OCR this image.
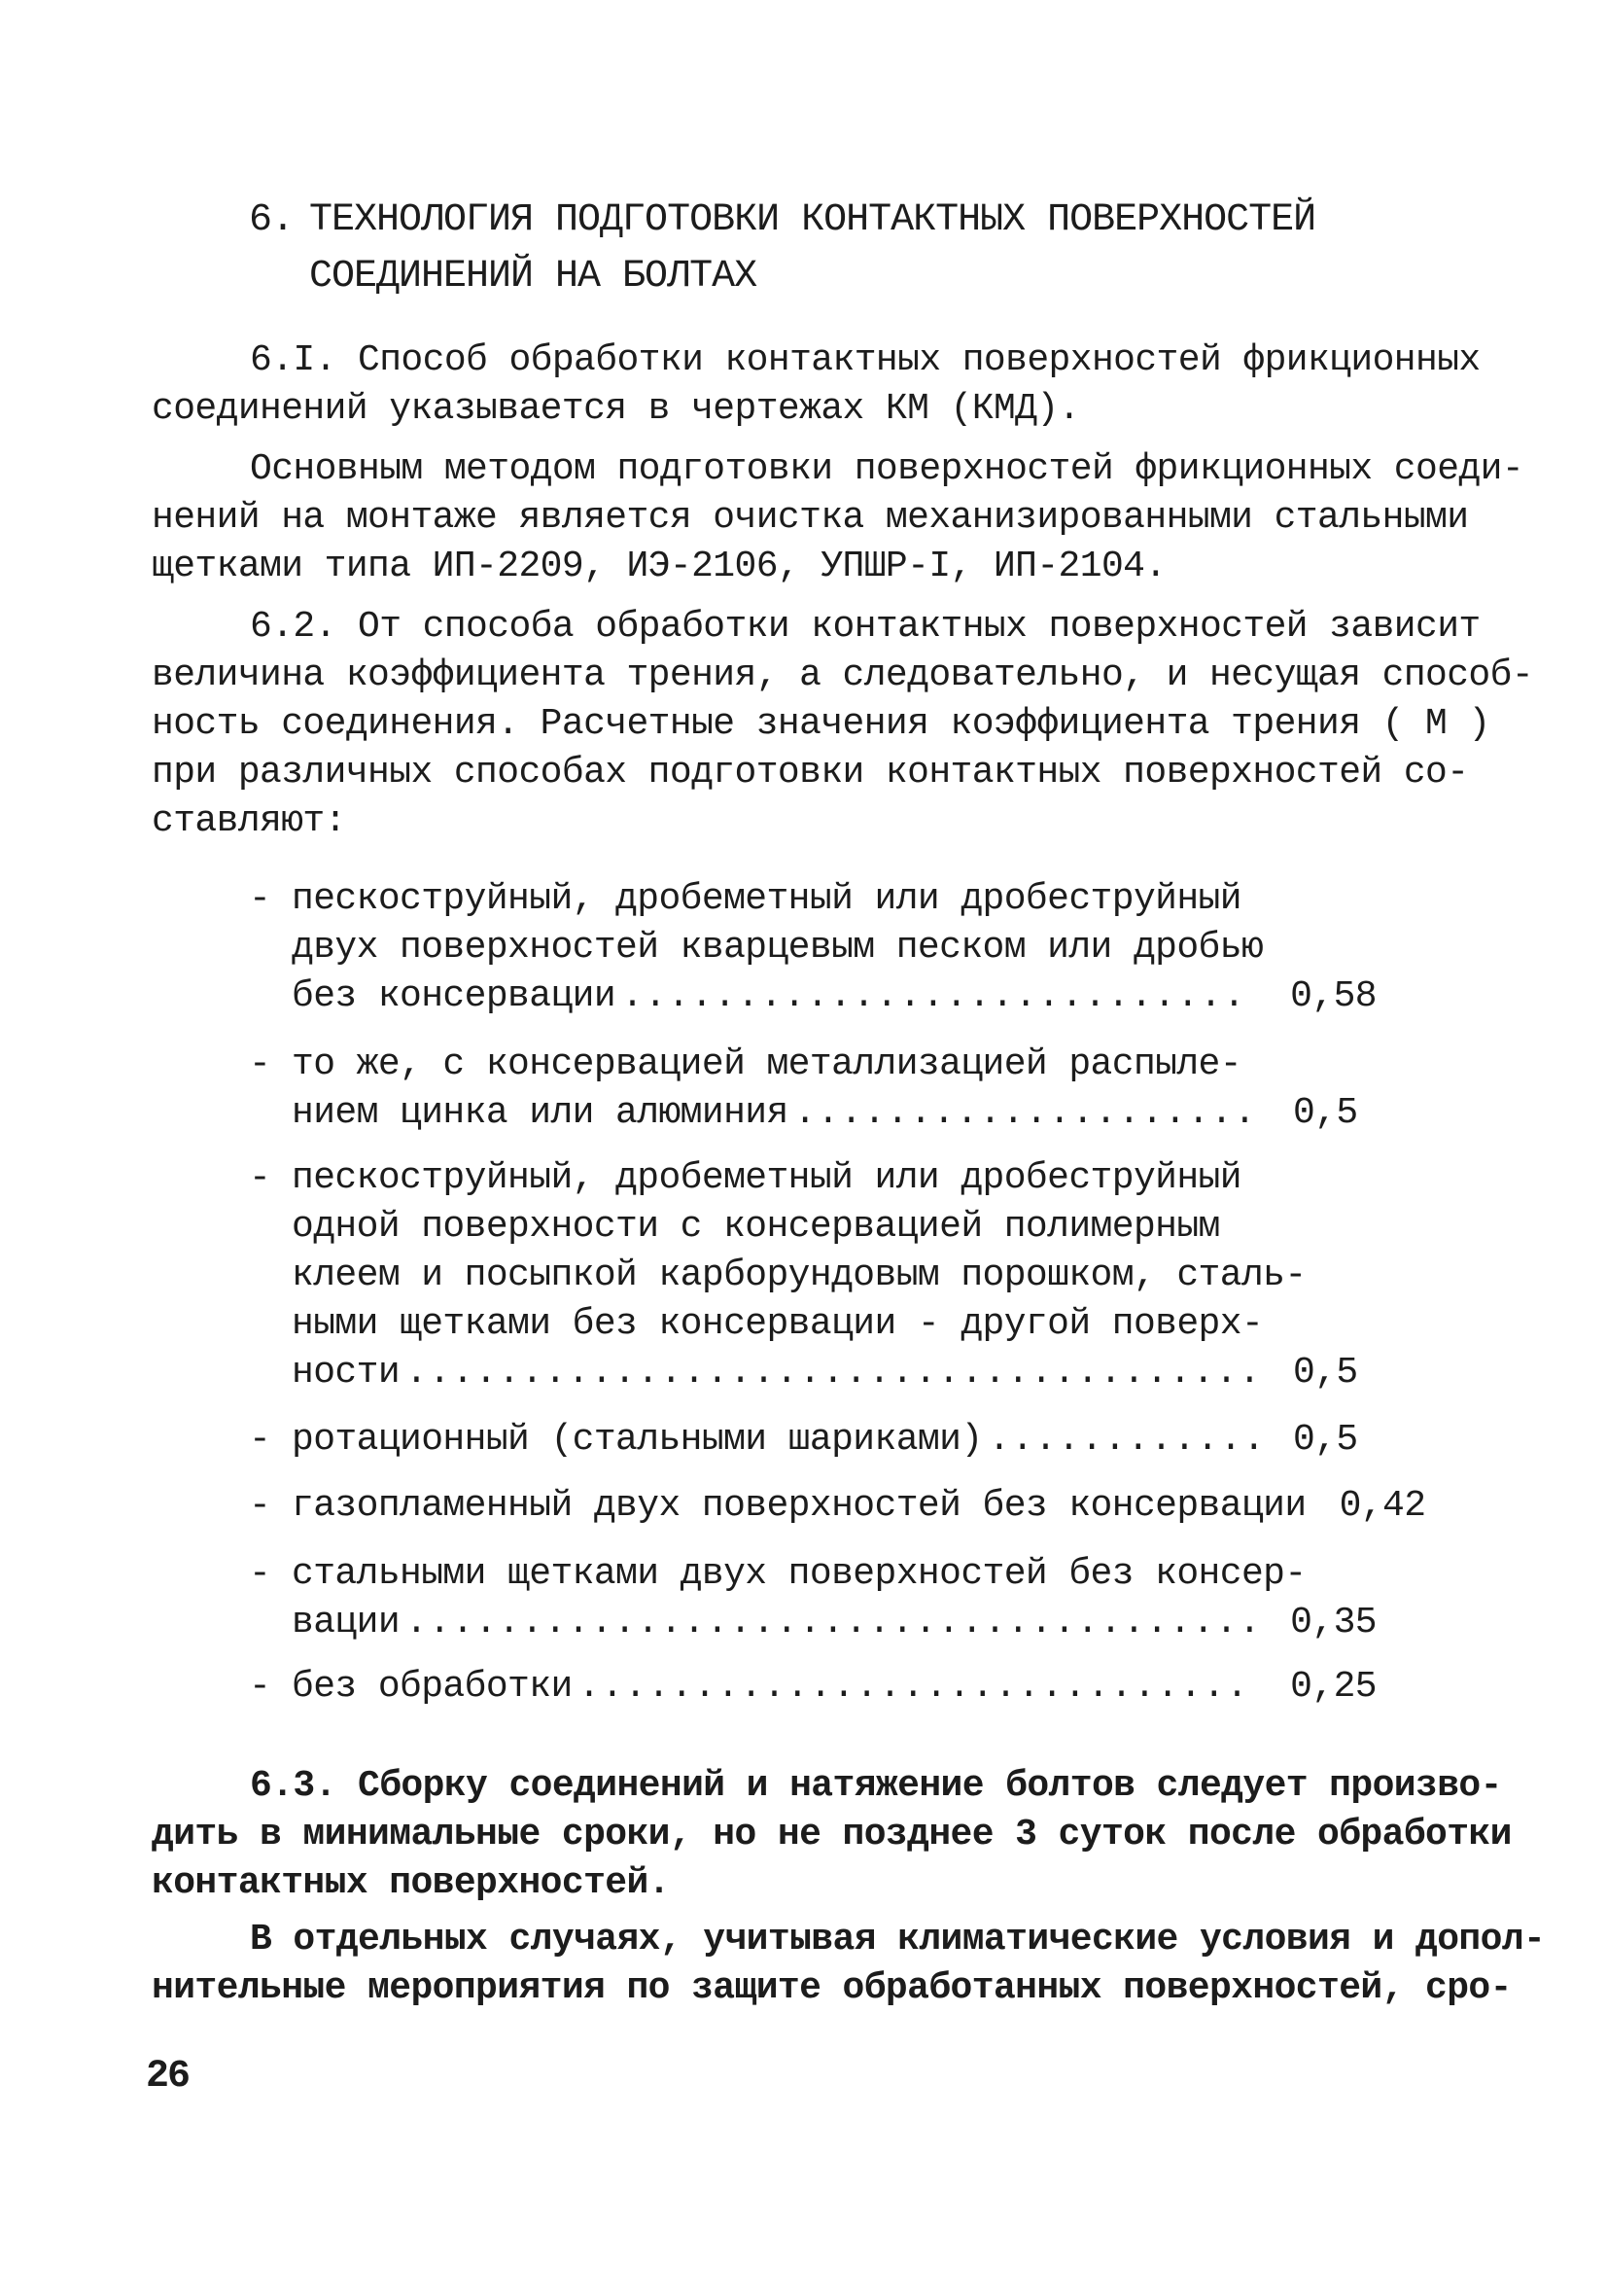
6. ТЕХНОЛОГИЯ ПОДГОТОВКИ КОНТАКТНЫХ ПОВЕРХНОСТЕЙ
СОЕДИНЕНИЙ НА БОЛТАХ
6.I. Способ обработки контактных поверхностей фрикционных
соединений указывается в чертежах КМ (КМД).
Основным методом подготовки поверхностей фрикционных соеди-
нений на монтаже является очистка механизированными стальными
щетками типа ИП-2209, ИЭ-2106, УПШР-I, ИП-2104.
6.2. От способа обработки контактных поверхностей зависит
величина коэффициента трения, а следовательно, и несущая способ-
ность соединения. Расчетные значения коэффициента трения ( M )
при различных способах подготовки контактных поверхностей со-
ставляют:
- пескоструйный, дробеметный или дробеструйный
двух поверхностей кварцевым песком или дробью
без консервации .....	0,58
- то же, с консервацией металлизацией распыле-
нием цинка или алюминия .....	0,5
- пескоструйный, дробеметный или дробеструйный
одной поверхности с консервацией полимерным
клеем и посыпкой карборундовым порошком, сталь-
ными щетками без консервации - другой поверх-
ности .....	0,5
- ротационный (стальными шариками) .....	0,5
- газопламенный двух поверхностей без консервации 0,42
- стальными щетками двух поверхностей без консер-
вации .....	0,35
- без обработки .....	0,25
6.3. Сборку соединений и натяжение болтов следует произво-
дить в минимальные сроки, но не позднее 3 суток после обработки
контактных поверхностей.
В отдельных случаях, учитывая климатические условия и допол-
нительные мероприятия по защите обработанных поверхностей, сро-
26
